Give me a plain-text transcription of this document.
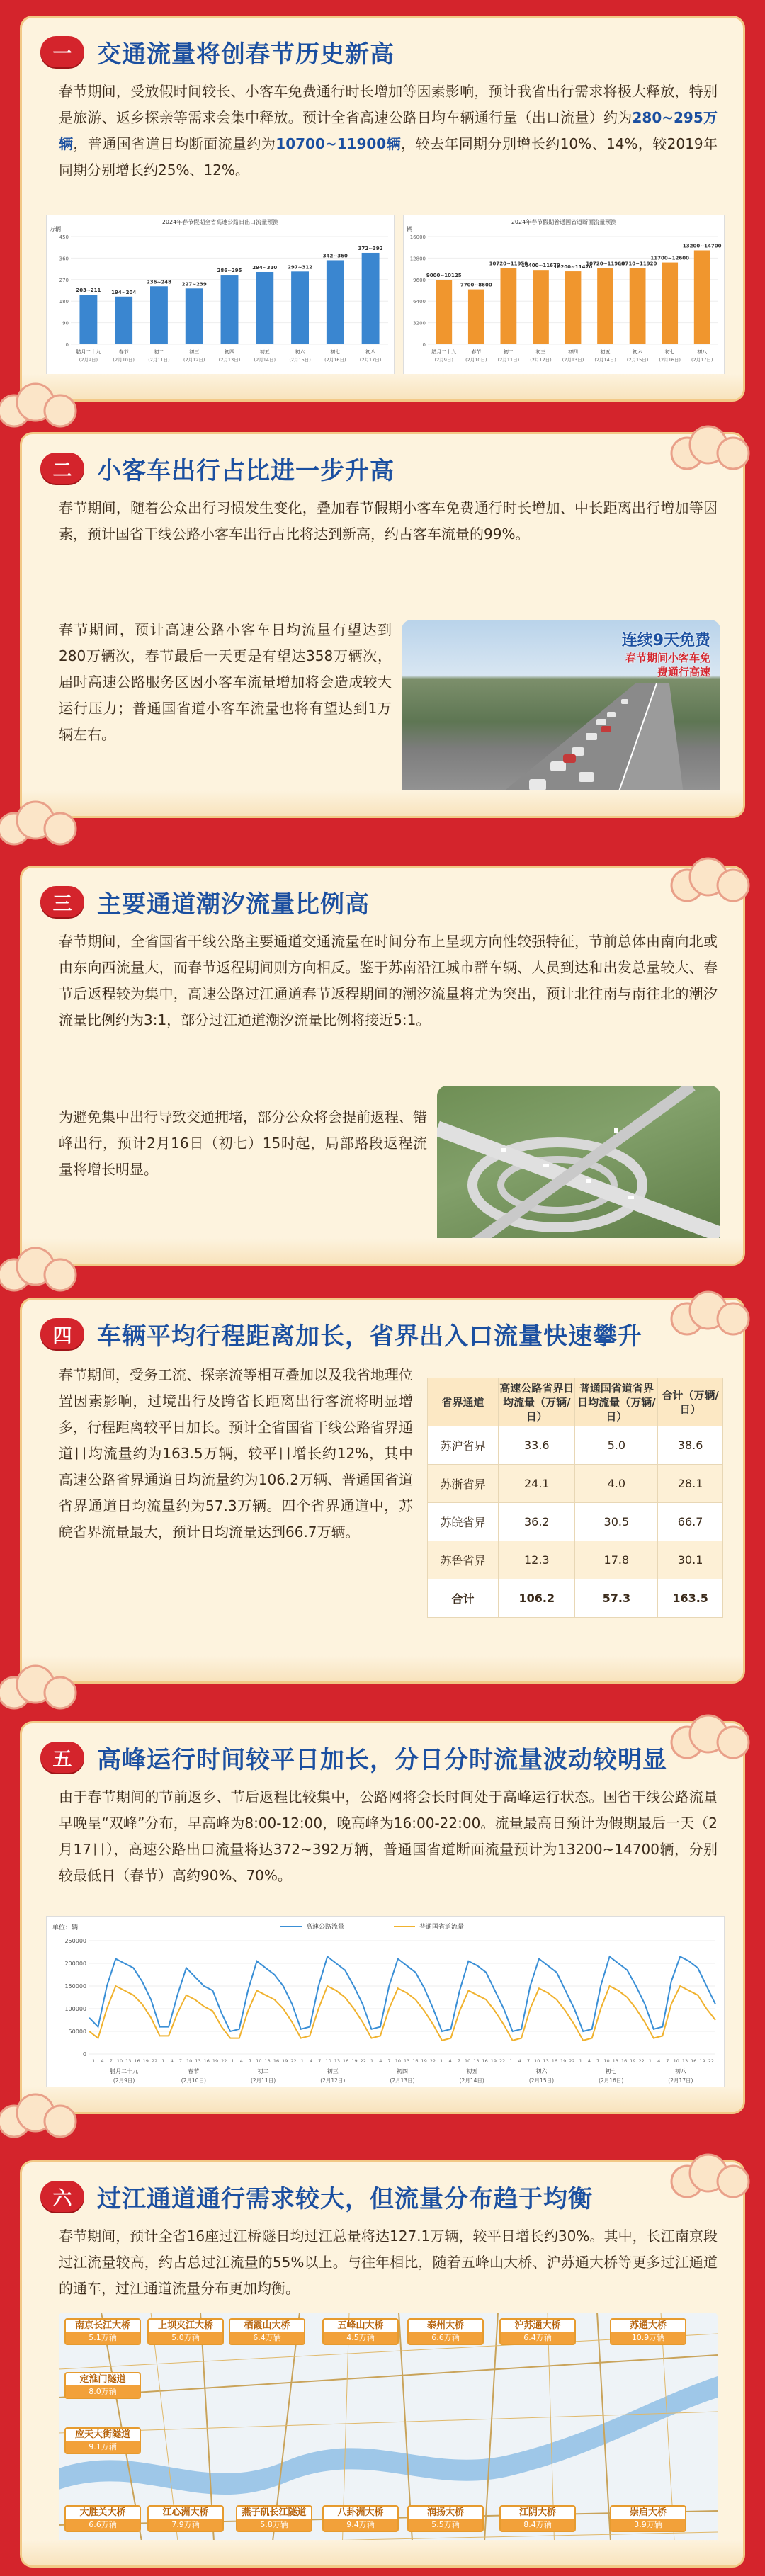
一	交通流量将创春节历史新高
春节期间，受放假时间较长、小客车免费通行时长增加等因素影响，预计我省出行需求将极大释放，特别是旅游、返乡探亲等需求会集中释放。预计全省高速公路日均车辆通行量（出口流量）约为280~295万辆，普通国省道日均断面流量约为10700~11900辆，较去年同期分别增长约10%、14%，较2019年同期分别增长约25%、12%。
2024年春节假期全省高速公路日出口流量预测
万辆
0
90
180
270
360
450
203~211
腊月二十九
(2月9日)
194~204
春节
(2月10日)
236~248
初二
(2月11日)
227~239
初三
(2月12日)
286~295
初四
(2月13日)
294~310
初五
(2月14日)
297~312
初六
(2月15日)
342~360
初七
(2月16日)
372~392
初八
(2月17日)
2024年春节假期普通国省道断面流量预测
辆
0
3200
6400
9600
12800
16000
9000~10125
腊月二十九
(2月9日)
7700~8600
春节
(2月10日)
10720~11950
初二
(2月11日)
10400~11670
初三
(2月12日)
10200~11470
初四
(2月13日)
10720~11960
初五
(2月14日)
10710~11920
初六
(2月15日)
11700~12600
初七
(2月16日)
13200~14700
初八
(2月17日)
二	小客车出行占比进一步升高
春节期间，随着公众出行习惯发生变化，叠加春节假期小客车免费通行时长增加、中长距离出行增加等因素，预计国省干线公路小客车出行占比将达到新高，约占客车流量的99%。
春节期间，预计高速公路小客车日均流量有望达到280万辆次，春节最后一天更是有望达358万辆次，届时高速公路服务区因小客车流量增加将会造成较大运行压力；普通国省道小客车流量也将有望达到1万辆左右。
连续9天免费
春节期间小客车免费通行高速
三	主要通道潮汐流量比例高
春节期间，全省国省干线公路主要通道交通流量在时间分布上呈现方向性较强特征，节前总体由南向北或由东向西流量大，而春节返程期间则方向相反。鉴于苏南沿江城市群车辆、人员到达和出发总量较大、春节后返程较为集中，高速公路过江通道春节返程期间的潮汐流量将尤为突出，预计北往南与南往北的潮汐流量比例约为3:1，部分过江通道潮汐流量比例将接近5:1。
为避免集中出行导致交通拥堵，部分公众将会提前返程、错峰出行，预计2月16日（初七）15时起，局部路段返程流量将增长明显。
四	车辆平均行程距离加长，省界出入口流量快速攀升
春节期间，受务工流、探亲流等相互叠加以及我省地理位置因素影响，过境出行及跨省长距离出行客流将明显增多，行程距离较平日加长。预计全省国省干线公路省界通道日均流量约为163.5万辆，较平日增长约12%，其中高速公路省界通道日均流量约为106.2万辆、普通国省道省界通道日均流量约为57.3万辆。四个省界通道中，苏皖省界流量最大，预计日均流量达到66.7万辆。
省界通道	高速公路省界日均流量（万辆/日）	普通国省道省界日均流量（万辆/日）	合计（万辆/日）
苏沪省界	33.6	5.0	38.6
苏浙省界	24.1	4.0	28.1
苏皖省界	36.2	30.5	66.7
苏鲁省界	12.3	17.8	30.1
合计	106.2	57.3	163.5
五	高峰运行时间较平日加长，分日分时流量波动较明显
由于春节期间的节前返乡、节后返程比较集中，公路网将会长时间处于高峰运行状态。国省干线公路流量早晚呈“双峰”分布，早高峰为8:00-12:00，晚高峰为16:00-22:00。流量最高日预计为假期最后一天（2月17日），高速公路出口流量将达372~392万辆，普通国省道断面流量预计为13200~14700辆，分别较最低日（春节）高约90%、70%。
单位：辆	高速公路流量	普通国省道流量
0
50000
100000
150000
200000
250000
1 4 7 10 13 16 19 22
腊月二十九
(2月9日)
1 4 7 10 13 16 19 22
春节
(2月10日)
1 4 7 10 13 16 19 22
初二
(2月11日)
1 4 7 10 13 16 19 22
初三
(2月12日)
1 4 7 10 13 16 19 22
初四
(2月13日)
1 4 7 10 13 16 19 22
初五
(2月14日)
1 4 7 10 13 16 19 22
初六
(2月15日)
1 4 7 10 13 16 19 22
初七
(2月16日)
1 4 7 10 13 16 19 22
初八
(2月17日)
六	过江通道通行需求较大，但流量分布趋于均衡
春节期间，预计全省16座过江桥隧日均过江总量将达127.1万辆，较平日增长约30%。其中，长江南京段过江流量较高，约占总过江流量的55%以上。与往年相比，随着五峰山大桥、沪苏通大桥等更多过江通道的通车，过江通道流量分布更加均衡。
南京长江大桥
5.1万辆
上坝夹江大桥
5.0万辆
栖霞山大桥
6.4万辆
五峰山大桥
4.5万辆
泰州大桥
6.6万辆
沪苏通大桥
6.4万辆
苏通大桥
10.9万辆
定淮门隧道
8.0万辆
应天大街隧道
9.1万辆
大胜关大桥
6.6万辆
江心洲大桥
7.9万辆
燕子矶长江隧道
5.8万辆
八卦洲大桥
9.4万辆
润扬大桥
5.5万辆
江阴大桥
8.4万辆
崇启大桥
3.9万辆
